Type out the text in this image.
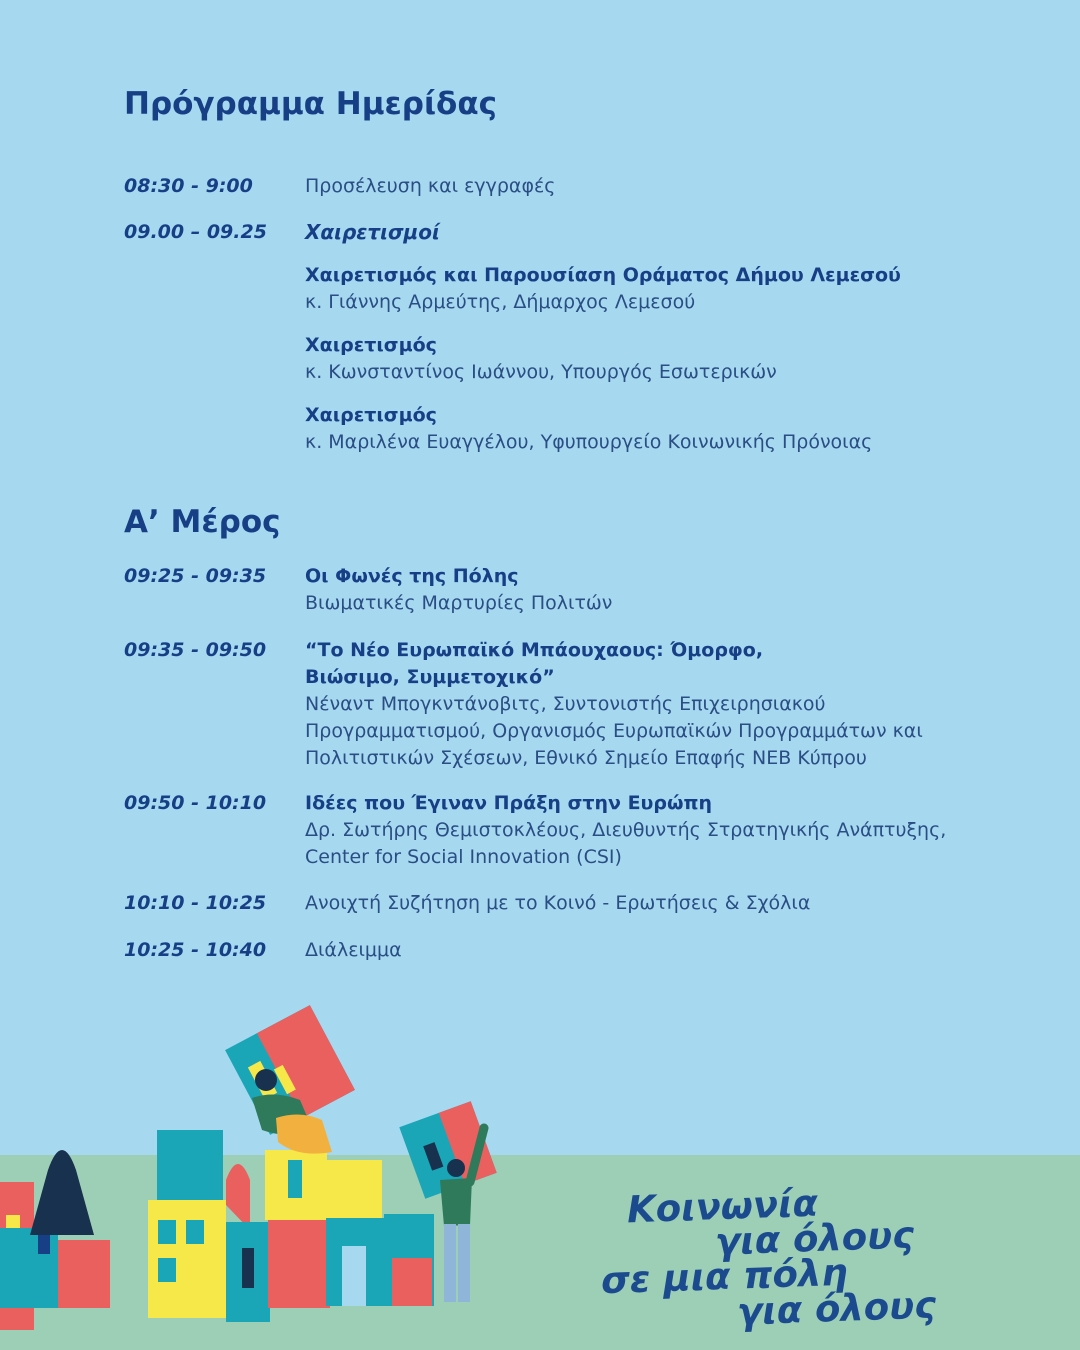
Πρόγραμμα Ημερίδας
08:30 - 9:00	Προσέλευση και εγγραφές
09.00 – 09.25	Χαιρετισμοί
Χαιρετισμός και Παρουσίαση Οράματος Δήμου Λεμεσού
κ. Γιάννης Αρμεύτης, Δήμαρχος Λεμεσού
Χαιρετισμός
κ. Κωνσταντίνος Ιωάννου, Υπουργός Εσωτερικών
Χαιρετισμός
κ. Μαριλένα Ευαγγέλου, Υφυπουργείο Κοινωνικής Πρόνοιας
Α’ Μέρος
09:25 - 09:35	Οι Φωνές της Πόλης
Βιωματικές Μαρτυρίες Πολιτών
09:35 - 09:50	“Το Νέο Ευρωπαϊκό Μπάουχαους: Όμορφο,
Βιώσιμο, Συμμετοχικό”
Νέναντ Μπογκντάνοβιτς, Συντονιστής Επιχειρησιακού
Προγραμματισμού, Οργανισμός Ευρωπαϊκών Προγραμμάτων και
Πολιτιστικών Σχέσεων, Εθνικό Σημείο Επαφής ΝΕΒ Κύπρου
09:50 - 10:10	Ιδέες που Έγιναν Πράξη στην Ευρώπη
Δρ. Σωτήρης Θεμιστοκλέους, Διευθυντής Στρατηγικής Ανάπτυξης,
Center for Social Innovation (CSI)
10:10 - 10:25	Ανοιχτή Συζήτηση με το Κοινό - Ερωτήσεις & Σχόλια
10:25 - 10:40	Διάλειμμα
Κοινωνία
για όλους
σε μια πόλη
για όλους
